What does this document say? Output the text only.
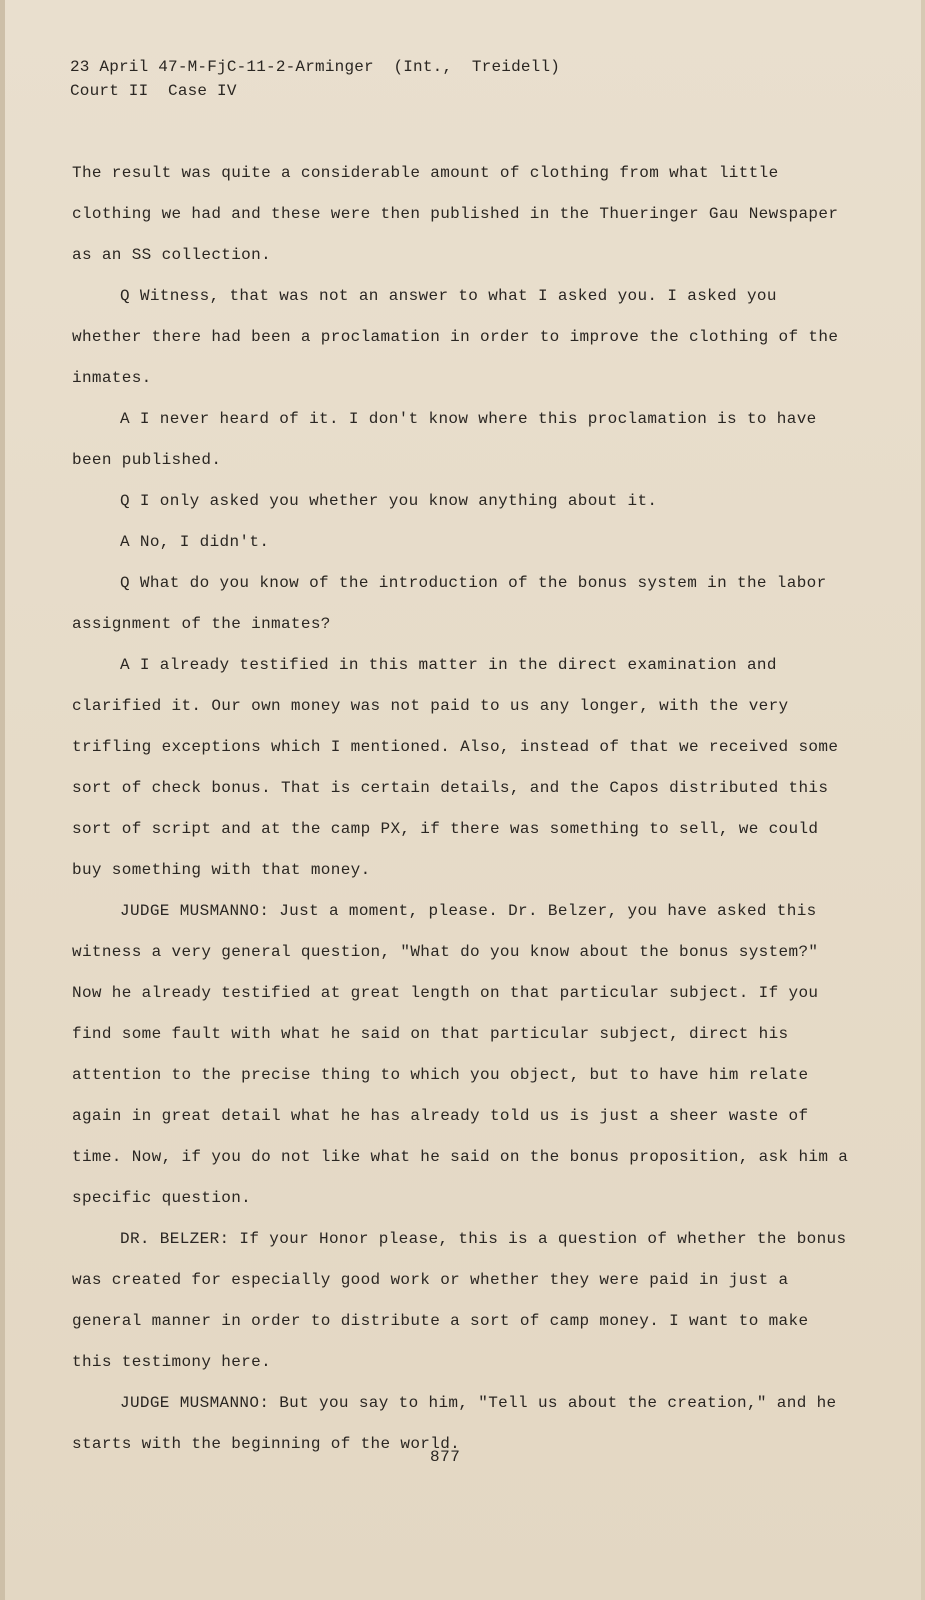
23 April 47-M-FjC-11-2-Arminger  (Int.,  Treidell)
Court II  Case IV

The result was quite a considerable amount of clothing from what little clothing we had and these were then published in the Thueringer Gau Newspaper as an SS collection.

Q Witness, that was not an answer to what I asked you. I asked you whether there had been a proclamation in order to improve the clothing of the inmates.

A I never heard of it. I don't know where this proclamation is to have been published.

Q I only asked you whether you know anything about it.

A No, I didn't.

Q What do you know of the introduction of the bonus system in the labor assignment of the inmates?

A I already testified in this matter in the direct examination and clarified it. Our own money was not paid to us any longer, with the very trifling exceptions which I mentioned. Also, instead of that we received some sort of check bonus. That is certain details, and the Capos distributed this sort of script and at the camp PX, if there was something to sell, we could buy something with that money.

JUDGE MUSMANNO: Just a moment, please. Dr. Belzer, you have asked this witness a very general question, "What do you know about the bonus system?" Now he already testified at great length on that particular subject. If you find some fault with what he said on that particular subject, direct his attention to the precise thing to which you object, but to have him relate again in great detail what he has already told us is just a sheer waste of time. Now, if you do not like what he said on the bonus proposition, ask him a specific question.

DR. BELZER: If your Honor please, this is a question of whether the bonus was created for especially good work or whether they were paid in just a general manner in order to distribute a sort of camp money. I want to make this testimony here.

JUDGE MUSMANNO: But you say to him, "Tell us about the creation," and he starts with the beginning of the world.

877
